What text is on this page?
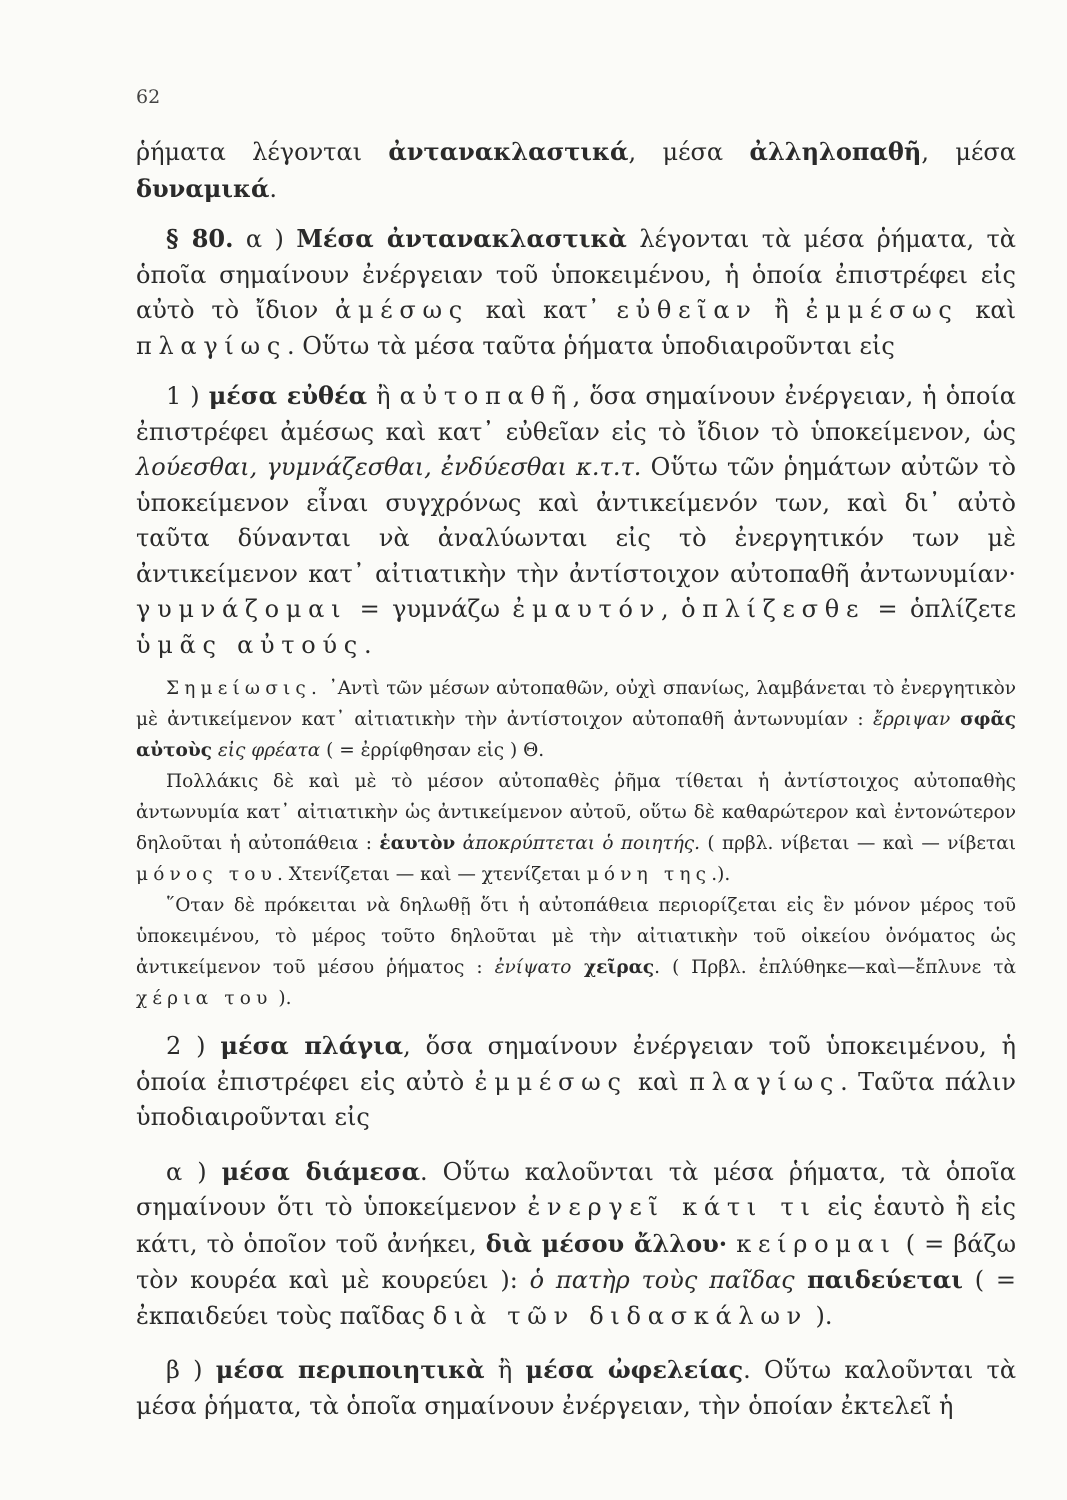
62

ῥήματα λέγονται ἀντανακλαστικά, μέσα ἀλληλοπαθῆ, μέσα δυναμικά.

§ 80. α ) Μέσα ἀντανακλαστικὰ λέγονται τὰ μέσα ῥήματα, τὰ ὁποῖα σημαίνουν ἐνέργειαν τοῦ ὑποκειμένου, ἡ ὁποία ἐπιστρέφει εἰς αὐτὸ τὸ ἴδιον ἀμέσως καὶ κατ᾽ εὐθεῖαν ἢ ἐμμέσως καὶ πλαγίως. Οὕτω τὰ μέσα ταῦτα ῥήματα ὑποδιαιροῦνται εἰς

1 ) μέσα εὐθέα ἢ αὐτοπαθῆ, ὅσα σημαίνουν ἐνέργειαν, ἡ ὁποία ἐπιστρέφει ἀμέσως καὶ κατ᾽ εὐθεῖαν εἰς τὸ ἴδιον τὸ ὑποκείμενον, ὡς λούεσθαι, γυμνάζεσθαι, ἐνδύεσθαι κ.τ.τ. Οὕτω τῶν ῥημάτων αὐτῶν τὸ ὑποκείμενον εἶναι συγχρόνως καὶ ἀντικείμενόν των, καὶ δι᾽ αὐτὸ ταῦτα δύνανται νὰ ἀναλύωνται εἰς τὸ ἐνεργητικόν των μὲ ἀντικείμενον κατ᾽ αἰτιατικὴν τὴν ἀντίστοιχον αὐτοπαθῆ ἀντωνυμίαν· γυμνάζομαι = γυμνάζω ἐμαυτόν, ὁπλίζεσθε = ὁπλίζετε ὑμᾶς αὐτούς.

Σημείωσις. ᾽Αντὶ τῶν μέσων αὐτοπαθῶν, οὐχὶ σπανίως, λαμβάνεται τὸ ἐνεργητικὸν μὲ ἀντικείμενον κατ᾽ αἰτιατικὴν τὴν ἀντίστοιχον αὐτοπαθῆ ἀντωνυμίαν : ἔρριψαν σφᾶς αὐτοὺς εἰς φρέατα ( = ἐρρίφθησαν εἰς ) Θ.

Πολλάκις δὲ καὶ μὲ τὸ μέσον αὐτοπαθὲς ῥῆμα τίθεται ἡ ἀντίστοιχος αὐτοπαθὴς ἀντωνυμία κατ᾽ αἰτιατικὴν ὡς ἀντικείμενον αὐτοῦ, οὕτω δὲ καθαρώτερον καὶ ἐντονώτερον δηλοῦται ἡ αὐτοπάθεια : ἑαυτὸν ἀποκρύπτεται ὁ ποιητής. ( πρβλ. νίβεται — καὶ — νίβεται μόνος του. Χτενίζεται — καὶ — χτενίζεται μόνη της.).

῞Οταν δὲ πρόκειται νὰ δηλωθῇ ὅτι ἡ αὐτοπάθεια περιορίζεται εἰς ἓν μόνον μέρος τοῦ ὑποκειμένου, τὸ μέρος τοῦτο δηλοῦται μὲ τὴν αἰτιατικὴν τοῦ οἰκείου ὀνόματος ὡς ἀντικείμενον τοῦ μέσου ῥήματος : ἐνίψατο χεῖρας. ( Πρβλ. ἐπλύθηκε—καὶ—ἔπλυνε τὰ χέρια του ).

2 ) μέσα πλάγια, ὅσα σημαίνουν ἐνέργειαν τοῦ ὑποκειμένου, ἡ ὁποία ἐπιστρέφει εἰς αὐτὸ ἐμμέσως καὶ πλαγίως. Ταῦτα πάλιν ὑποδιαιροῦνται εἰς

α ) μέσα διάμεσα. Οὕτω καλοῦνται τὰ μέσα ῥήματα, τὰ ὁποῖα σημαίνουν ὅτι τὸ ὑποκείμενον ἐνεργεῖ κάτι τι εἰς ἑαυτὸ ἢ εἰς κάτι, τὸ ὁποῖον τοῦ ἀνήκει, διὰ μέσου ἄλλου· κείρομαι ( = βάζω τὸν κουρέα καὶ μὲ κουρεύει ): ὁ πατὴρ τοὺς παῖδας παιδεύεται ( = ἐκπαιδεύει τοὺς παῖδας διὰ τῶν διδασκάλων ).

β ) μέσα περιποιητικὰ ἢ μέσα ὠφελείας. Οὕτω καλοῦνται τὰ μέσα ῥήματα, τὰ ὁποῖα σημαίνουν ἐνέργειαν, τὴν ὁποίαν ἐκτελεῖ ἡ
